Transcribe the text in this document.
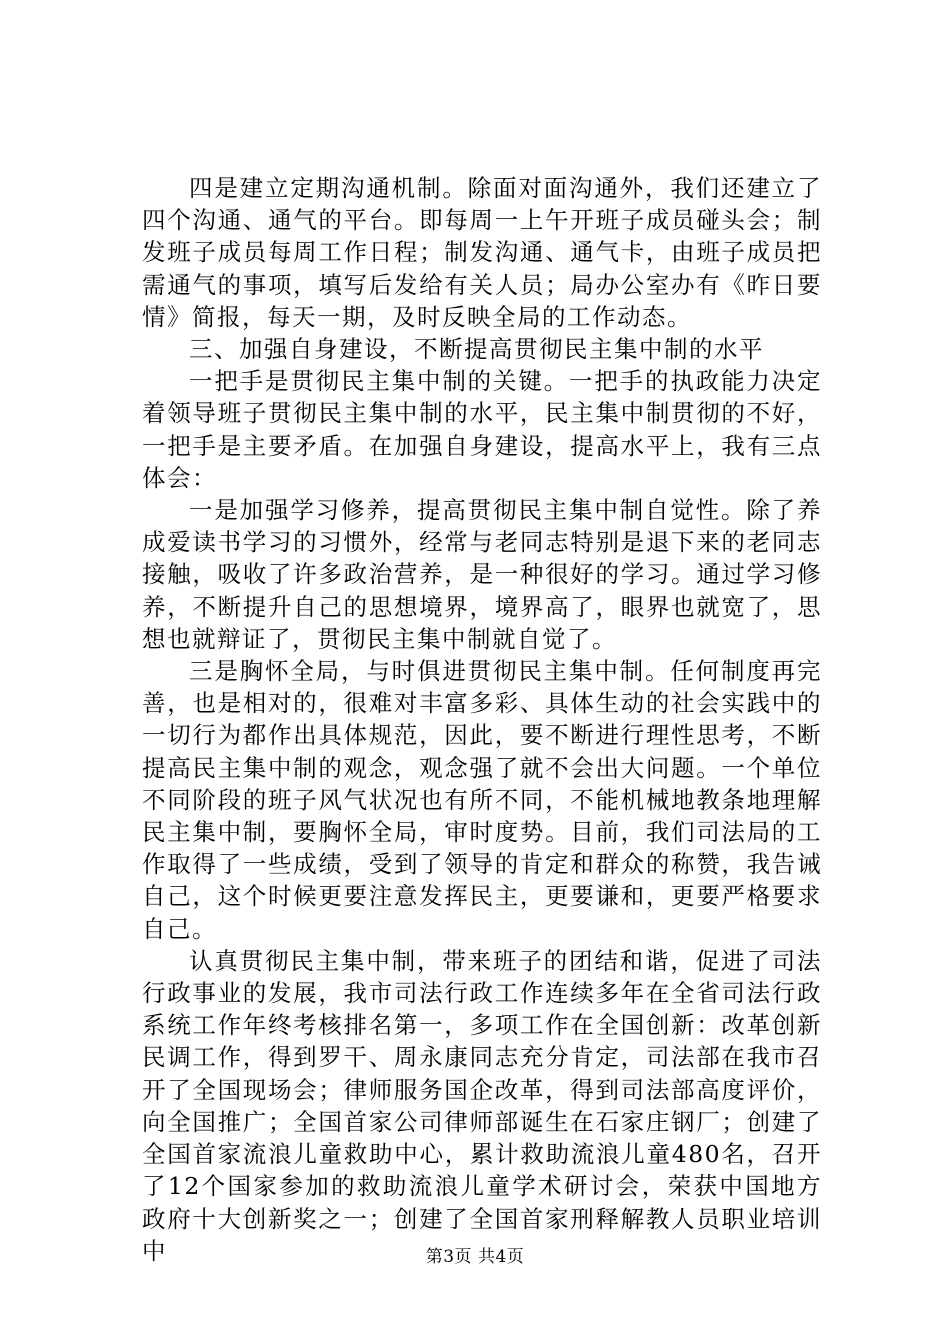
四是建立定期沟通机制。除面对面沟通外，我们还建立了四个沟通、通气的平台。即每周一上午开班子成员碰头会；制发班子成员每周工作日程；制发沟通、通气卡，由班子成员把需通气的事项，填写后发给有关人员；局办公室办有《昨日要情》简报，每天一期，及时反映全局的工作动态。

三、加强自身建设，不断提高贯彻民主集中制的水平

一把手是贯彻民主集中制的关键。一把手的执政能力决定着领导班子贯彻民主集中制的水平，民主集中制贯彻的不好，一把手是主要矛盾。在加强自身建设，提高水平上，我有三点体会：

一是加强学习修养，提高贯彻民主集中制自觉性。除了养成爱读书学习的习惯外，经常与老同志特别是退下来的老同志接触，吸收了许多政治营养，是一种很好的学习。通过学习修养，不断提升自己的思想境界，境界高了，眼界也就宽了，思想也就辩证了，贯彻民主集中制就自觉了。

三是胸怀全局，与时俱进贯彻民主集中制。任何制度再完善，也是相对的，很难对丰富多彩、具体生动的社会实践中的一切行为都作出具体规范，因此，要不断进行理性思考，不断提高民主集中制的观念，观念强了就不会出大问题。一个单位不同阶段的班子风气状况也有所不同，不能机械地教条地理解民主集中制，要胸怀全局，审时度势。目前，我们司法局的工作取得了一些成绩，受到了领导的肯定和群众的称赞，我告诫自己，这个时候更要注意发挥民主，更要谦和，更要严格要求自己。

认真贯彻民主集中制，带来班子的团结和谐，促进了司法行政事业的发展，我市司法行政工作连续多年在全省司法行政系统工作年终考核排名第一，多项工作在全国创新：改革创新民调工作，得到罗干、周永康同志充分肯定，司法部在我市召开了全国现场会；律师服务国企改革，得到司法部高度评价，向全国推广；全国首家公司律师部诞生在石家庄钢厂；创建了全国首家流浪儿童救助中心，累计救助流浪儿童480名，召开了12个国家参加的救助流浪儿童学术研讨会，荣获中国地方政府十大创新奖之一；创建了全国首家刑释解教人员职业培训中	第3页 共4页
